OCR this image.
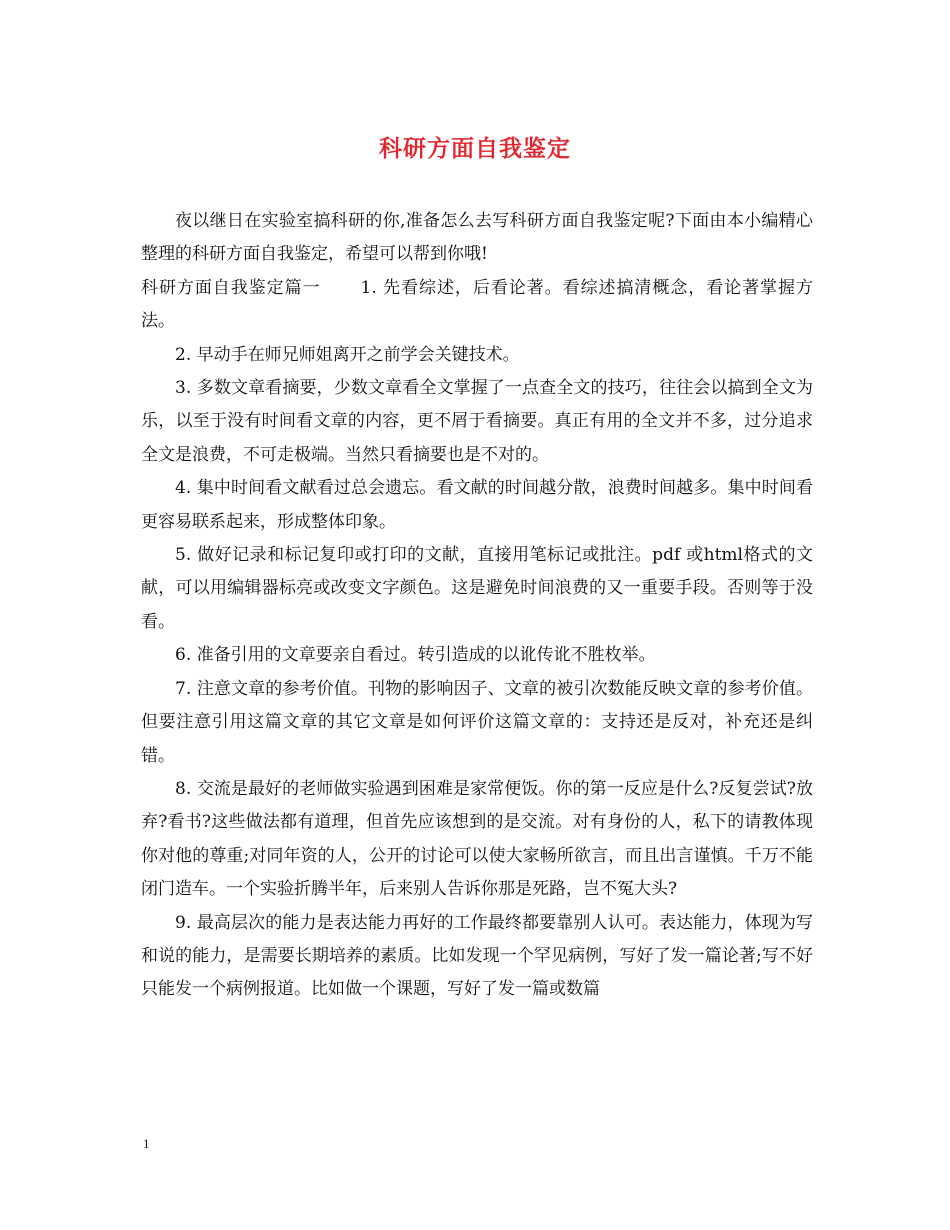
科研方面自我鉴定

夜以继日在实验室搞科研的你,准备怎么去写科研方面自我鉴定呢?下面由本小编精心整理的科研方面自我鉴定，希望可以帮到你哦!

科研方面自我鉴定篇一 1. 先看综述，后看论著。看综述搞清概念，看论著掌握方法。

2. 早动手在师兄师姐离开之前学会关键技术。

3. 多数文章看摘要，少数文章看全文掌握了一点查全文的技巧，往往会以搞到全文为乐，以至于没有时间看文章的内容，更不屑于看摘要。真正有用的全文并不多，过分追求全文是浪费，不可走极端。当然只看摘要也是不对的。

4. 集中时间看文献看过总会遗忘。看文献的时间越分散，浪费时间越多。集中时间看更容易联系起来，形成整体印象。

5. 做好记录和标记复印或打印的文献，直接用笔标记或批注。pdf 或html格式的文献，可以用编辑器标亮或改变文字颜色。这是避免时间浪费的又一重要手段。否则等于没看。

6. 准备引用的文章要亲自看过。转引造成的以讹传讹不胜枚举。

7. 注意文章的参考价值。刊物的影响因子、文章的被引次数能反映文章的参考价值。但要注意引用这篇文章的其它文章是如何评价这篇文章的：支持还是反对，补充还是纠错。

8. 交流是最好的老师做实验遇到困难是家常便饭。你的第一反应是什么?反复尝试?放弃?看书?这些做法都有道理，但首先应该想到的是交流。对有身份的人，私下的请教体现你对他的尊重;对同年资的人，公开的讨论可以使大家畅所欲言，而且出言谨慎。千万不能闭门造车。一个实验折腾半年，后来别人告诉你那是死路，岂不冤大头?

9. 最高层次的能力是表达能力再好的工作最终都要靠别人认可。表达能力，体现为写和说的能力，是需要长期培养的素质。比如发现一个罕见病例，写好了发一篇论著;写不好只能发一个病例报道。比如做一个课题，写好了发一篇或数篇

1
